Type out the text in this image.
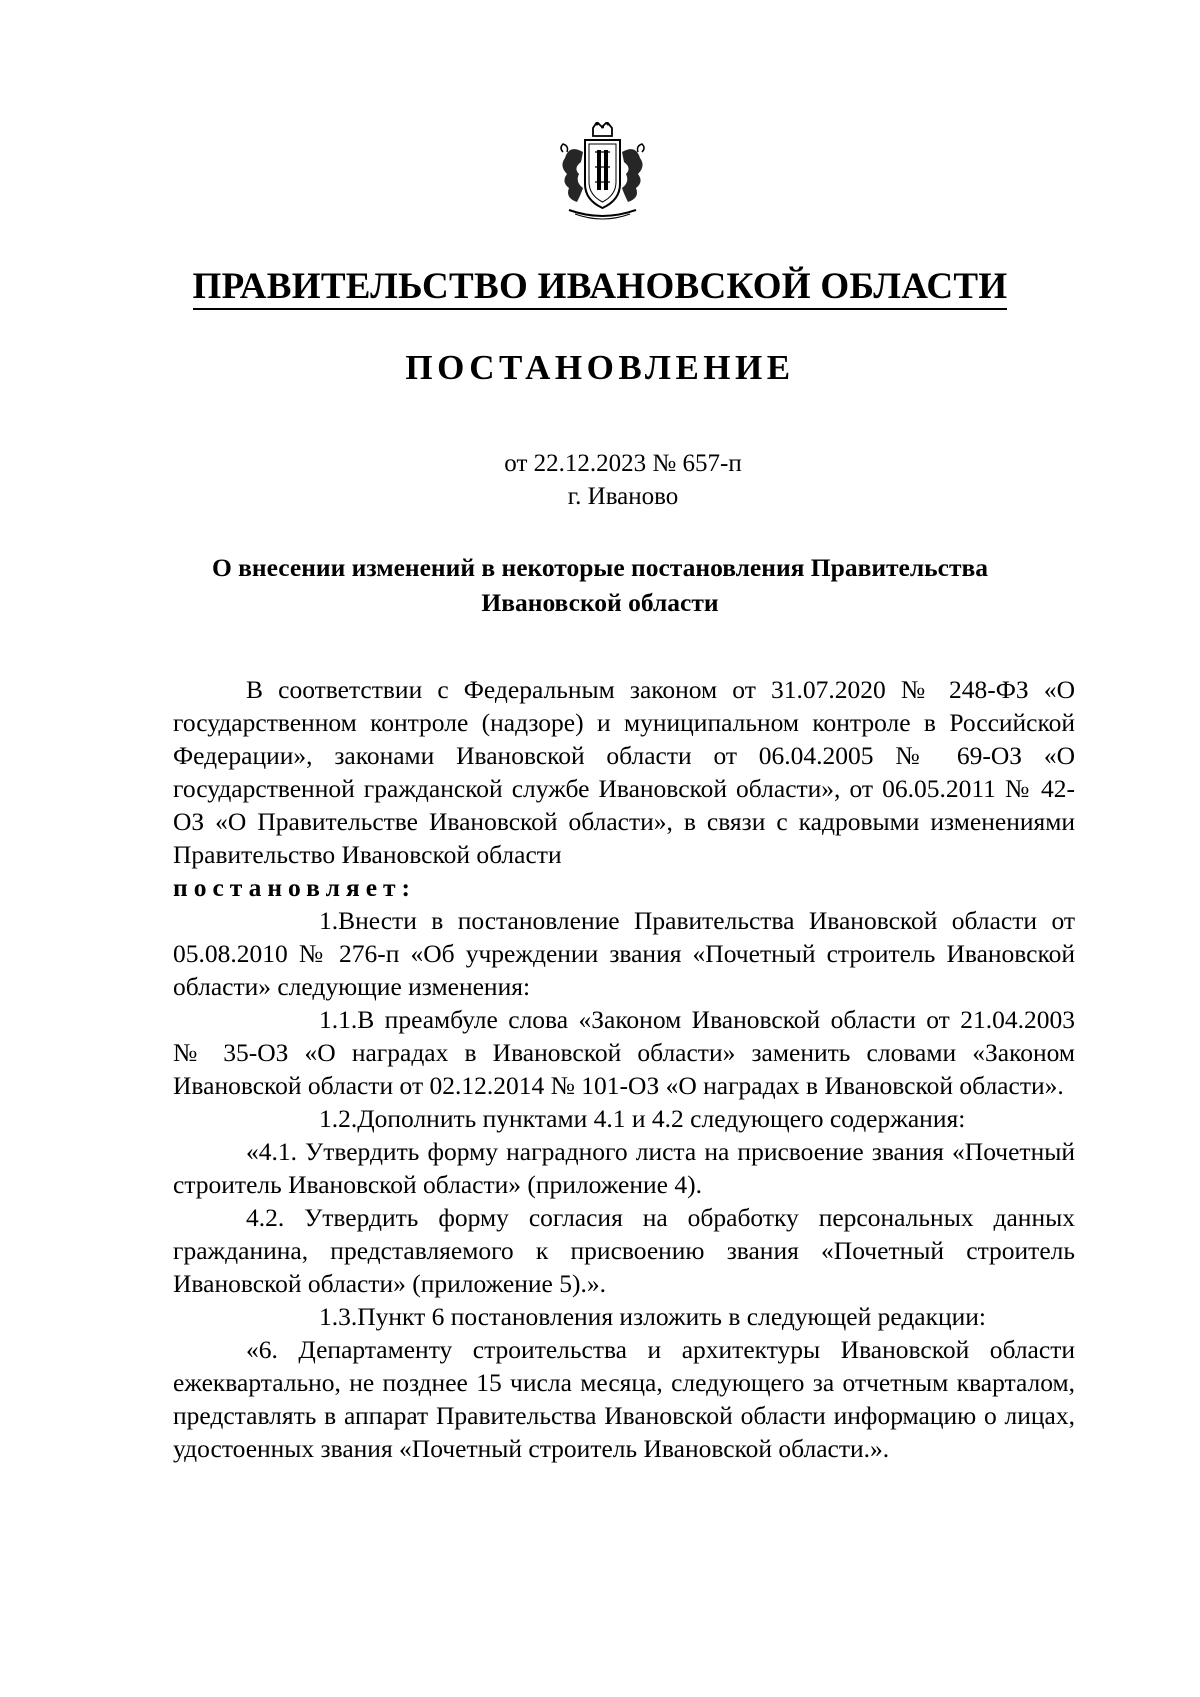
ПРАВИТЕЛЬСТВО ИВАНОВСКОЙ ОБЛАСТИ
ПОСТАНОВЛЕНИЕ
от 22.12.2023 № 657-п
г. Иваново
О внесении изменений в некоторые постановления Правительства
Ивановской области

В соответствии с Федеральным законом от 31.07.2020 № 248-ФЗ «О государственном контроле (надзоре) и муниципальном контроле в Российской Федерации», законами Ивановской области от 06.04.2005 № 69-ОЗ «О государственной гражданской службе Ивановской области», от 06.05.2011 № 42-ОЗ «О Правительстве Ивановской области», в связи с кадровыми изменениями Правительство Ивановской области

постановляет:

1.Внести в постановление Правительства Ивановской области от 05.08.2010 № 276-п «Об учреждении звания «Почетный строитель Ивановской области» следующие изменения:

1.1.В преамбуле слова «Законом Ивановской области от 21.04.2003 № 35-ОЗ «О наградах в Ивановской области» заменить словами «Законом Ивановской области от 02.12.2014 № 101-ОЗ «О наградах в Ивановской области».

1.2.Дополнить пунктами 4.1 и 4.2 следующего содержания:

«4.1. Утвердить форму наградного листа на присвоение звания «Почетный строитель Ивановской области» (приложение 4).

4.2. Утвердить форму согласия на обработку персональных данных гражданина, представляемого к присвоению звания «Почетный строитель Ивановской области» (приложение 5).».

1.3.Пункт 6 постановления изложить в следующей редакции:

«6. Департаменту строительства и архитектуры Ивановской области ежеквартально, не позднее 15 числа месяца, следующего за отчетным кварталом, представлять в аппарат Правительства Ивановской области информацию о лицах, удостоенных звания «Почетный строитель Ивановской области.».
